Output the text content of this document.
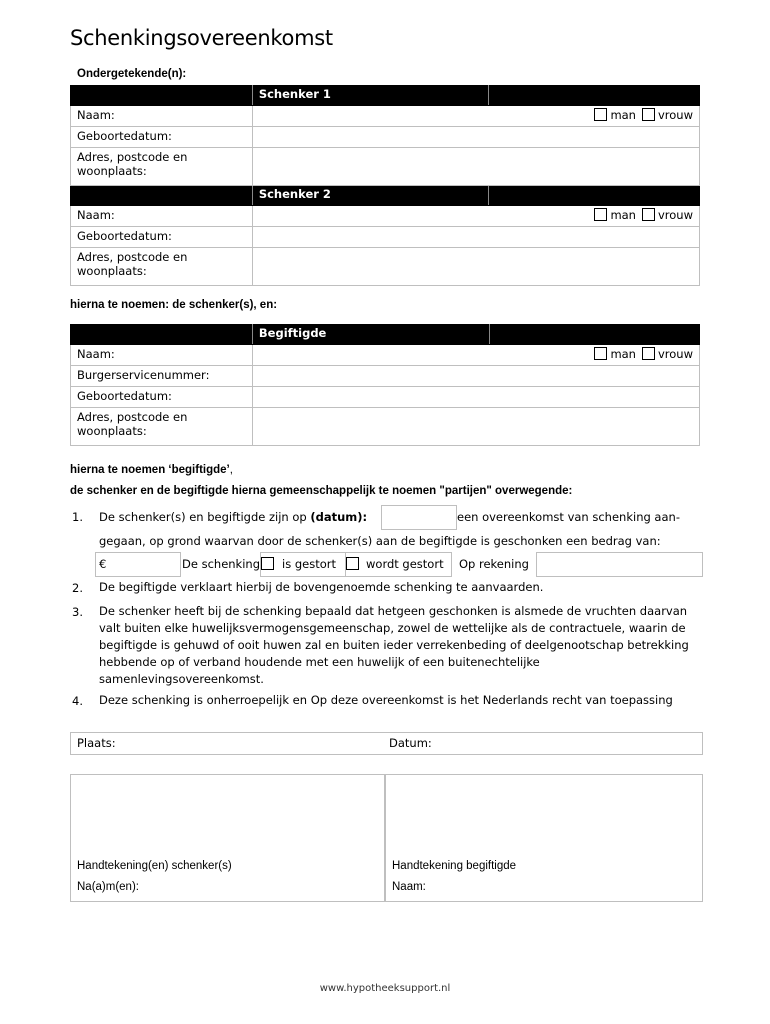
Schenkingsovereenkomst
Ondergetekende(n):
	Schenker 1	
Naam:	man vrouw	

Geboortedatum:		
Adres, postcode en
woonplaats:		
	Schenker 2	
Naam:	man vrouw	

Geboortedatum:		
Adres, postcode en
woonplaats:		
hierna te noemen: de schenker(s), en:
	Begiftigde	
Naam:	man vrouw	

Burgerservicenummer:		
Geboortedatum:		
Adres, postcode en
woonplaats:		
hierna te noemen ‘begiftigde’,
de schenker en de begiftigde hierna gemeenschappelijk te noemen "partijen" overwegende:
1. De schenker(s) en begiftigde zijn op (datum):	een overeenkomst van schenking aan-
gegaan, op grond waarvan door de schenker(s) aan de begiftigde is geschonken een bedrag van:
€	De schenking is gestort	wordt gestort Op rekening
2. De begiftigde verklaart hierbij de bovengenoemde schenking te aanvaarden.
3. De schenker heeft bij de schenking bepaald dat hetgeen geschonken is alsmede de vruchten daarvan
valt buiten elke huwelijksvermogensgemeenschap, zowel de wettelijke als de contractuele, waarin de
begiftigde is gehuwd of ooit huwen zal en buiten ieder verrekenbeding of deelgenootschap betrekking
hebbende op of verband houdende met een huwelijk of een buitenechtelijke
samenlevingsovereenkomst.
4. Deze schenking is onherroepelijk en Op deze overeenkomst is het Nederlands recht van toepassing
Plaats:	Datum:
Handtekening(en) schenker(s)
Na(a)m(en):
Handtekening begiftigde
Naam:
www.hypotheeksupport.nl
